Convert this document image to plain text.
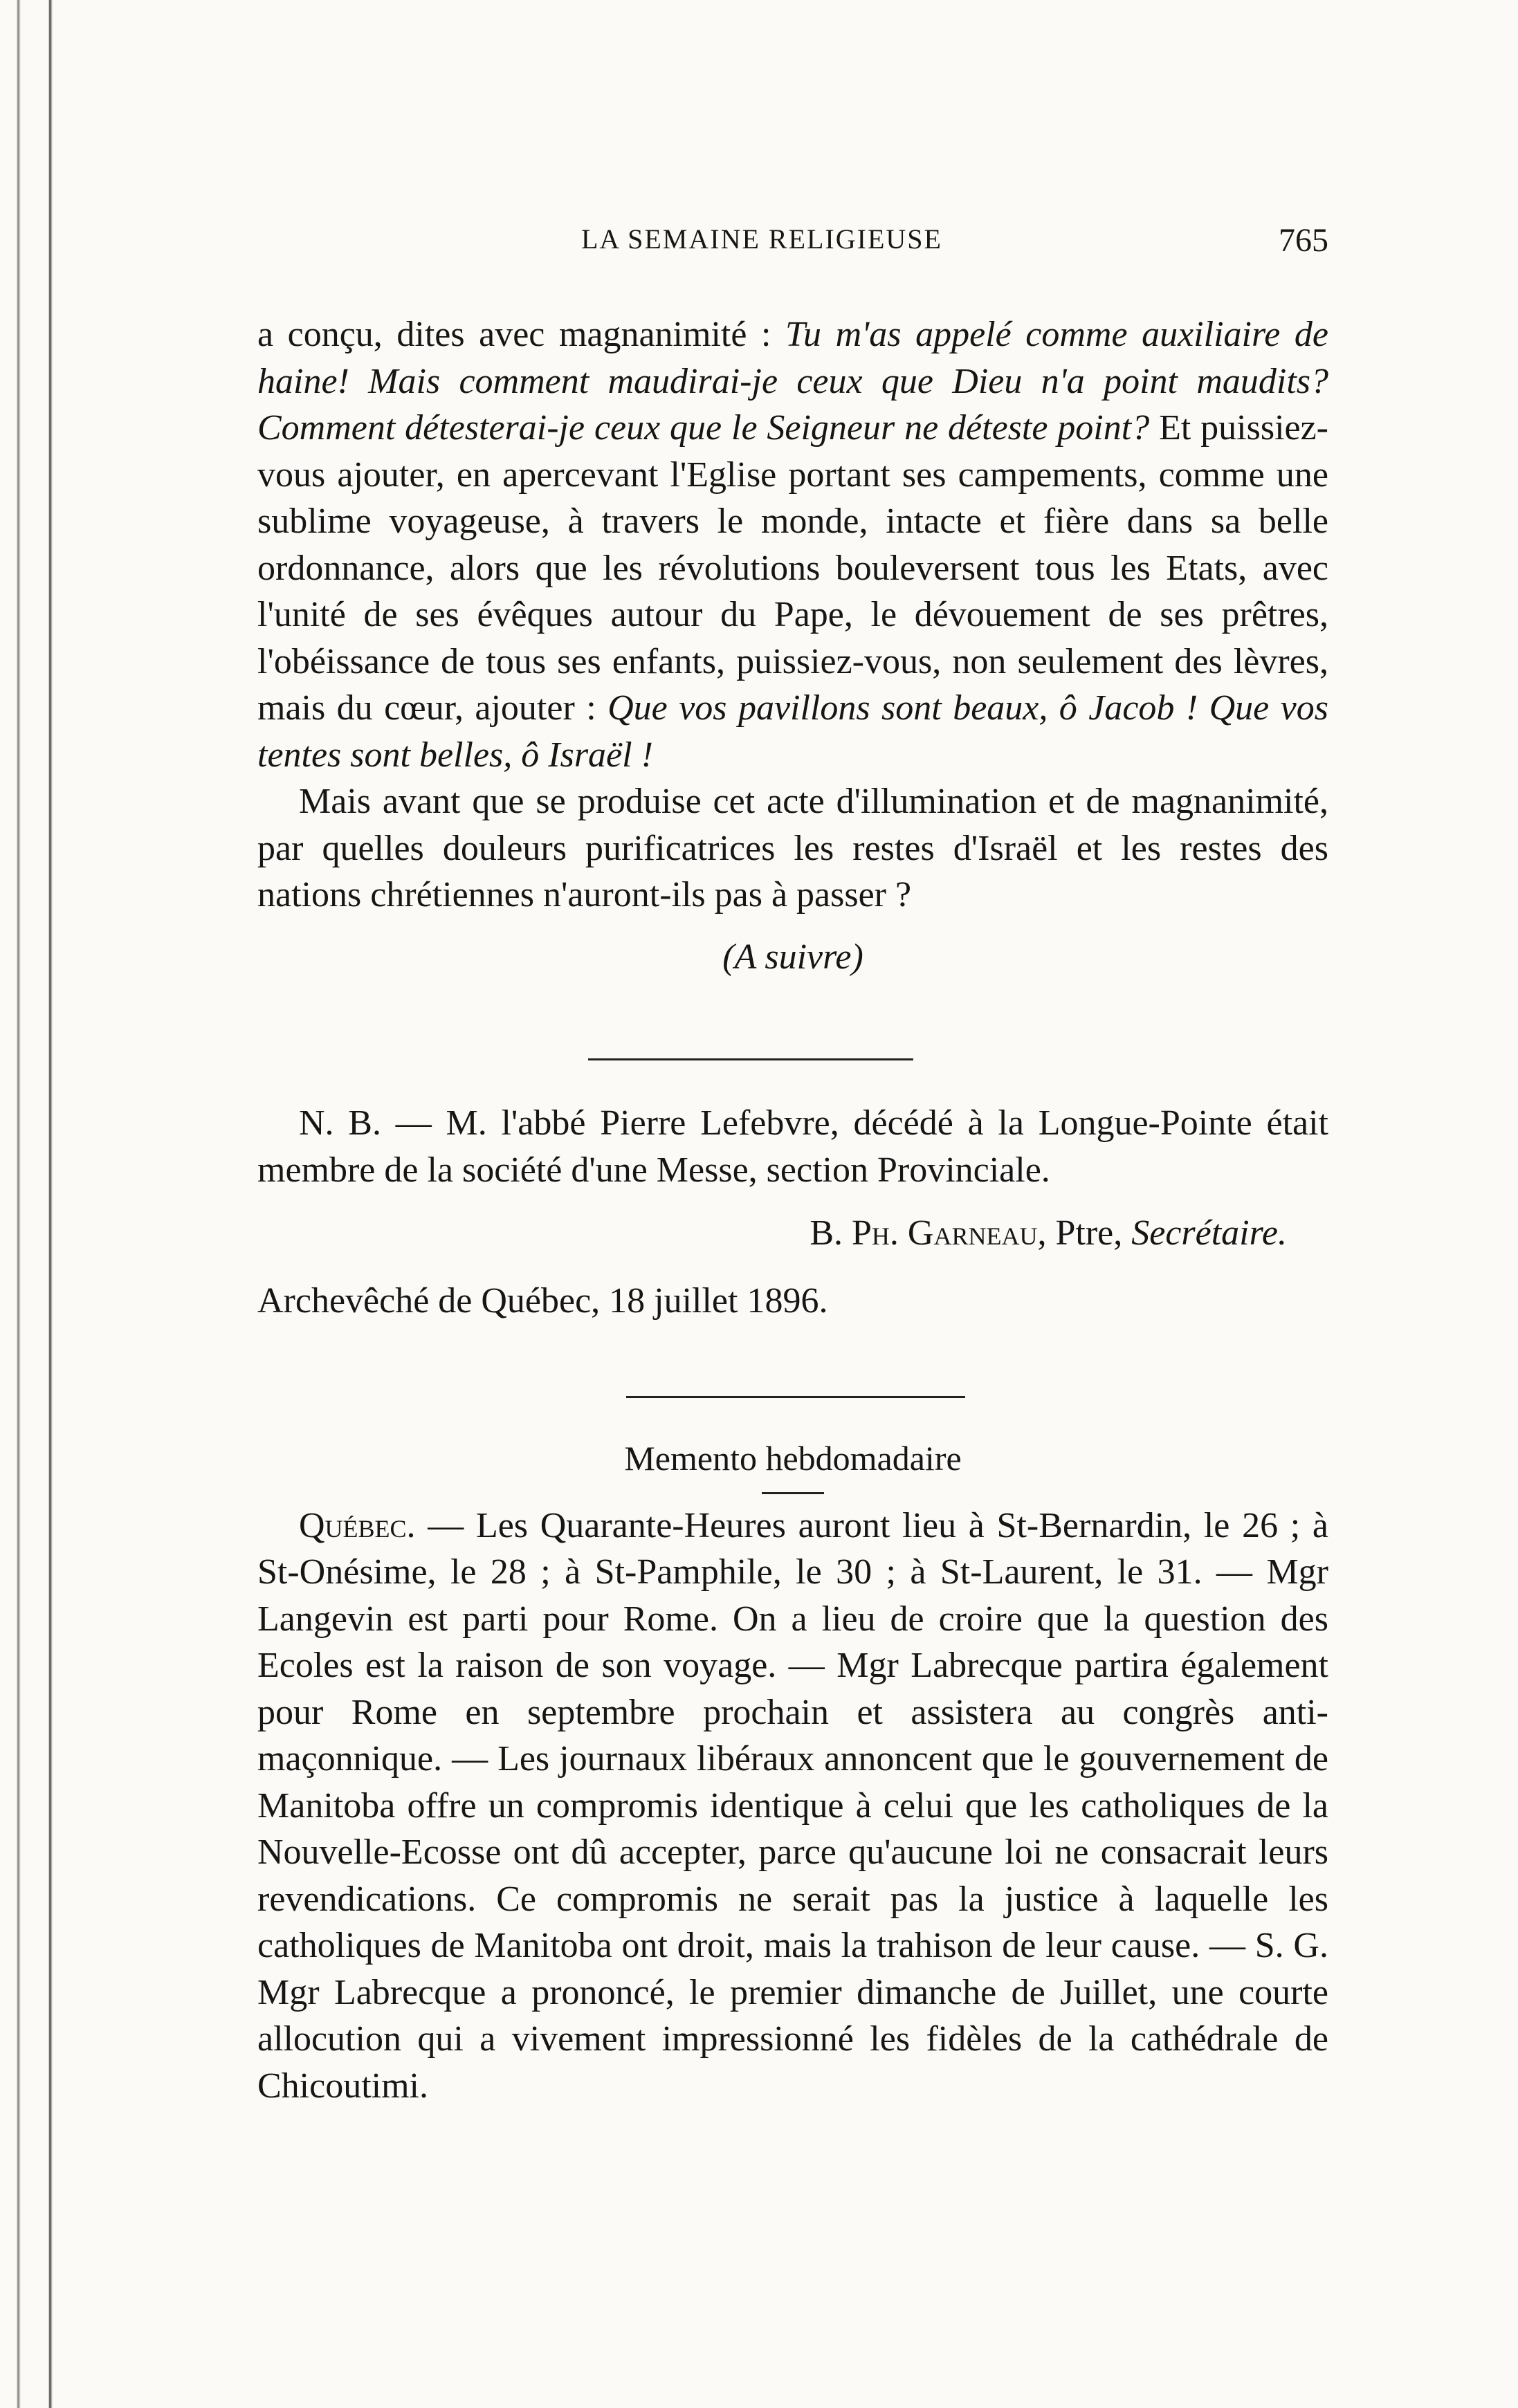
LA SEMAINE RELIGIEUSE	765

a conçu, dites avec magnanimité : Tu m'as appelé comme auxiliaire de haine! Mais comment maudirai-je ceux que Dieu n'a point maudits? Comment détesterai-je ceux que le Seigneur ne déteste point? Et puissiez-vous ajouter, en apercevant l'Eglise portant ses campements, comme une sublime voyageuse, à travers le monde, intacte et fière dans sa belle ordonnance, alors que les révolutions bouleversent tous les Etats, avec l'unité de ses évêques autour du Pape, le dévouement de ses prêtres, l'obéissance de tous ses enfants, puissiez-vous, non seulement des lèvres, mais du cœur, ajouter : Que vos pavillons sont beaux, ô Jacob ! Que vos tentes sont belles, ô Israël !

Mais avant que se produise cet acte d'illumination et de magnanimité, par quelles douleurs purificatrices les restes d'Israël et les restes des nations chrétiennes n'auront-ils pas à passer ?

(A suivre)

N. B. — M. l'abbé Pierre Lefebvre, décédé à la Longue-Pointe était membre de la société d'une Messe, section Provinciale.

B. Ph. Garneau, Ptre, Secrétaire.

Archevêché de Québec, 18 juillet 1896.

Memento hebdomadaire

Québec. — Les Quarante-Heures auront lieu à St-Bernardin, le 26 ; à St-Onésime, le 28 ; à St-Pamphile, le 30 ; à St-Laurent, le 31. — Mgr Langevin est parti pour Rome. On a lieu de croire que la question des Ecoles est la raison de son voyage. — Mgr Labrecque partira également pour Rome en septembre prochain et assistera au congrès anti-maçonnique. — Les journaux libéraux annoncent que le gouvernement de Manitoba offre un compromis identique à celui que les catholiques de la Nouvelle-Ecosse ont dû accepter, parce qu'aucune loi ne consacrait leurs revendications. Ce compromis ne serait pas la justice à laquelle les catholiques de Manitoba ont droit, mais la trahison de leur cause. — S. G. Mgr Labrecque a prononcé, le premier dimanche de Juillet, une courte allocution qui a vivement impressionné les fidèles de la cathédrale de Chicoutimi.
